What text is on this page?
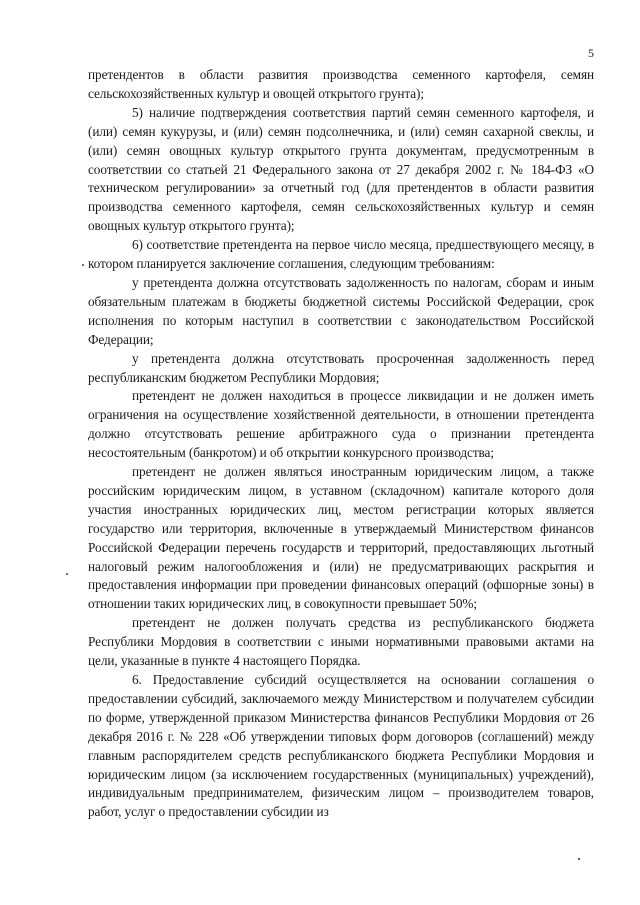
5

претендентов в области развития производства семенного картофеля, семян сельскохозяйственных культур и овощей открытого грунта);

5) наличие подтверждения соответствия партий семян семенного картофеля, и (или) семян кукурузы, и (или) семян подсолнечника, и (или) семян сахарной свеклы, и (или) семян овощных культур открытого грунта документам, предусмотренным в соответствии со статьей 21 Федерального закона от 27 декабря 2002 г. № 184-ФЗ «О техническом регулировании» за отчетный год (для претендентов в области развития производства семенного картофеля, семян сельскохозяйственных культур и семян овощных культур открытого грунта);

6) соответствие претендента на первое число месяца, предшествующего месяцу, в котором планируется заключение соглашения, следующим требованиям:

у претендента должна отсутствовать задолженность по налогам, сборам и иным обязательным платежам в бюджеты бюджетной системы Российской Федерации, срок исполнения по которым наступил в соответствии с законодательством Российской Федерации;

у претендента должна отсутствовать просроченная задолженность перед республиканским бюджетом Республики Мордовия;

претендент не должен находиться в процессе ликвидации и не должен иметь ограничения на осуществление хозяйственной деятельности, в отношении претендента должно отсутствовать решение арбитражного суда о признании претендента несостоятельным (банкротом) и об открытии конкурсного производства;

претендент не должен являться иностранным юридическим лицом, а также российским юридическим лицом, в уставном (складочном) капитале которого доля участия иностранных юридических лиц, местом регистрации которых является государство или территория, включенные в утверждаемый Министерством финансов Российской Федерации перечень государств и территорий, предоставляющих льготный налоговый режим налогообложения и (или) не предусматривающих раскрытия и предоставления информации при проведении финансовых операций (офшорные зоны) в отношении таких юридических лиц, в совокупности превышает 50%;

претендент не должен получать средства из республиканского бюджета Республики Мордовия в соответствии с иными нормативными правовыми актами на цели, указанные в пункте 4 настоящего Порядка.

6. Предоставление субсидий осуществляется на основании соглашения о предоставлении субсидий, заключаемого между Министерством и получателем субсидии по форме, утвержденной приказом Министерства финансов Республики Мордовия от 26 декабря 2016 г. № 228 «Об утверждении типовых форм договоров (соглашений) между главным распорядителем средств республиканского бюджета Республики Мордовия и юридическим лицом (за исключением государственных (муниципальных) учреждений), индивидуальным предпринимателем, физическим лицом – производителем товаров, работ, услуг о предоставлении субсидии из
